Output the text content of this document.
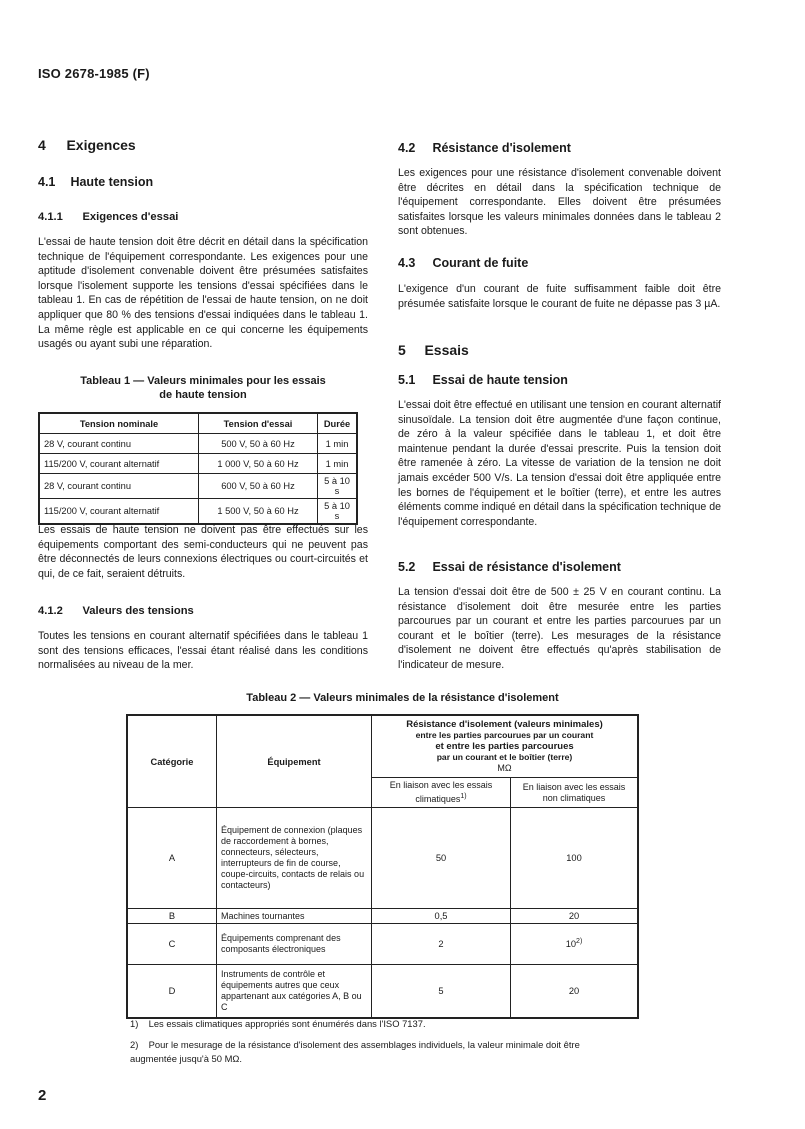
ISO 2678-1985 (F)
4 Exigences
4.1 Haute tension
4.1.1 Exigences d'essai

L'essai de haute tension doit être décrit en détail dans la spécification technique de l'équipement correspondante. Les exigences pour une aptitude d'isolement convenable doivent être présumées satisfaites lorsque l'isolement supporte les tensions d'essai spécifiées dans le tableau 1. En cas de répétition de l'essai de haute tension, on ne doit appliquer que 80 % des tensions d'essai indiquées dans le tableau 1. La même règle est applicable en ce qui concerne les équipements usagés ou ayant subi une réparation.

Tableau 1 — Valeurs minimales pour les essais
de haute tension
Tension nominale	Tension d'essai	Durée
28 V, courant continu	500 V, 50 à 60 Hz	1 min
115/200 V, courant alternatif	1 000 V, 50 à 60 Hz	1 min
28 V, courant continu	600 V, 50 à 60 Hz	5 à 10 s
115/200 V, courant alternatif	1 500 V, 50 à 60 Hz	5 à 10 s

Les essais de haute tension ne doivent pas être effectués sur les équipements comportant des semi-conducteurs qui ne peuvent pas être déconnectés de leurs connexions électriques ou court-circuités et qui, de ce fait, seraient détruits.

4.1.2 Valeurs des tensions

Toutes les tensions en courant alternatif spécifiées dans le tableau 1 sont des tensions efficaces, l'essai étant réalisé dans les conditions normalisées au niveau de la mer.

4.2 Résistance d'isolement

Les exigences pour une résistance d'isolement convenable doivent être décrites en détail dans la spécification technique de l'équipement correspondante. Elles doivent être présumées satisfaites lorsque les valeurs minimales données dans le tableau 2 sont obtenues.

4.3 Courant de fuite

L'exigence d'un courant de fuite suffisamment faible doit être présumée satisfaite lorsque le courant de fuite ne dépasse pas 3 µA.

5 Essais
5.1 Essai de haute tension

L'essai doit être effectué en utilisant une tension en courant alternatif sinusoïdale. La tension doit être augmentée d'une façon continue, de zéro à la valeur spécifiée dans le tableau 1, et doit être maintenue pendant la durée d'essai prescrite. Puis la tension doit être ramenée à zéro. La vitesse de variation de la tension ne doit jamais excéder 500 V/s. La tension d'essai doit être appliquée entre les bornes de l'équipement et le boîtier (terre), et entre les autres éléments comme indiqué en détail dans la spécification technique de l'équipement correspondante.

5.2 Essai de résistance d'isolement

La tension d'essai doit être de 500 ± 25 V en courant continu. La résistance d'isolement doit être mesurée entre les parties parcourues par un courant et entre les parties parcourues par un courant et le boîtier (terre). Les mesurages de la résistance d'isolement ne doivent être effectués qu'après stabilisation de l'indicateur de mesure.

Tableau 2 — Valeurs minimales de la résistance d'isolement
Catégorie	Équipement	Résistance d'isolement (valeurs minimales)
entre les parties parcourues par un courant
et entre les parties parcourues
par un courant et le boîtier (terre)
MΩ	

		En liaison avec les essais climatiques$^{1)}$	En liaison avec les essais non climatiques
A	Équipement de connexion (plaques de raccordement à bornes, connecteurs, sélecteurs, interrupteurs de fin de course, coupe-circuits, contacts de relais ou contacteurs)	50	100
B	Machines tournantes	0,5	20
C	Équipements comprenant des composants électroniques	2	10$^{2)}$
D	Instruments de contrôle et équipements autres que ceux appartenant aux catégories A, B ou C	5	20
1) Les essais climatiques appropriés sont énumérés dans l'ISO 7137.
2) Pour le mesurage de la résistance d'isolement des assemblages individuels, la valeur minimale doit être
augmentée jusqu'à 50 MΩ.
2
